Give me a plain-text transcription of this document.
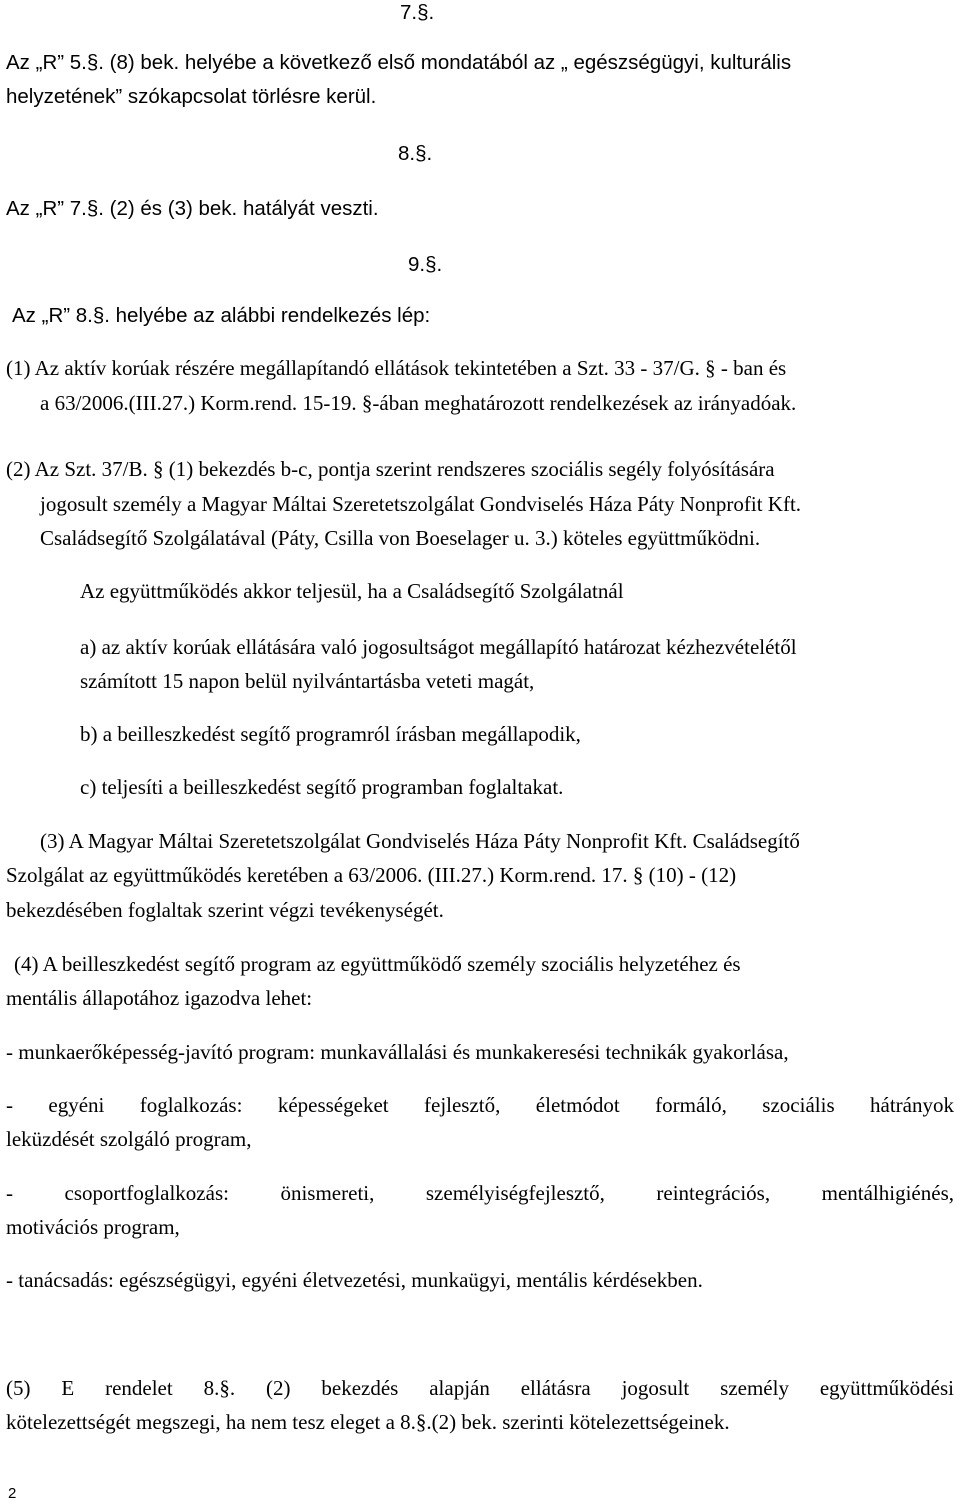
7.§.
Az „R” 5.§. (8) bek. helyébe a következő első mondatából az „ egészségügyi, kulturális
helyzetének” szókapcsolat törlésre kerül.
8.§.
Az „R” 7.§. (2) és (3) bek. hatályát veszti.
9.§.
Az „R” 8.§. helyébe az alábbi rendelkezés lép:
(1) Az aktív korúak részére megállapítandó ellátások tekintetében a Szt. 33 - 37/G. § - ban és
a 63/2006.(III.27.) Korm.rend. 15-19. §-ában meghatározott rendelkezések az irányadóak.
(2) Az Szt. 37/B. § (1) bekezdés b-c, pontja szerint rendszeres szociális segély folyósítására
jogosult személy a Magyar Máltai Szeretetszolgálat Gondviselés Háza Páty Nonprofit Kft.
Családsegítő Szolgálatával (Páty, Csilla von Boeselager u. 3.) köteles együttműködni.
Az együttműködés akkor teljesül, ha a Családsegítő Szolgálatnál
a) az aktív korúak ellátására való jogosultságot megállapító határozat kézhezvételétől
számított 15 napon belül nyilvántartásba veteti magát,
b) a beilleszkedést segítő programról írásban megállapodik,
c) teljesíti a beilleszkedést segítő programban foglaltakat.
(3) A Magyar Máltai Szeretetszolgálat Gondviselés Háza Páty Nonprofit Kft. Családsegítő
Szolgálat az együttműködés keretében a 63/2006. (III.27.) Korm.rend. 17. § (10) - (12)
bekezdésében foglaltak szerint végzi tevékenységét.
(4) A beilleszkedést segítő program az együttműködő személy szociális helyzetéhez és
mentális állapotához igazodva lehet:
- munkaerőképesség-javító program: munkavállalási és munkakeresési technikák gyakorlása,
- egyéni foglalkozás: képességeket fejlesztő, életmódot formáló, szociális hátrányok
leküzdését szolgáló program,
- csoportfoglalkozás: önismereti, személyiségfejlesztő, reintegrációs, mentálhigiénés,
motivációs program,
- tanácsadás: egészségügyi, egyéni életvezetési, munkaügyi, mentális kérdésekben.
(5) E rendelet 8.§. (2) bekezdés alapján ellátásra jogosult személy együttműködési
kötelezettségét megszegi, ha nem tesz eleget a 8.§.(2) bek. szerinti kötelezettségeinek.
2
